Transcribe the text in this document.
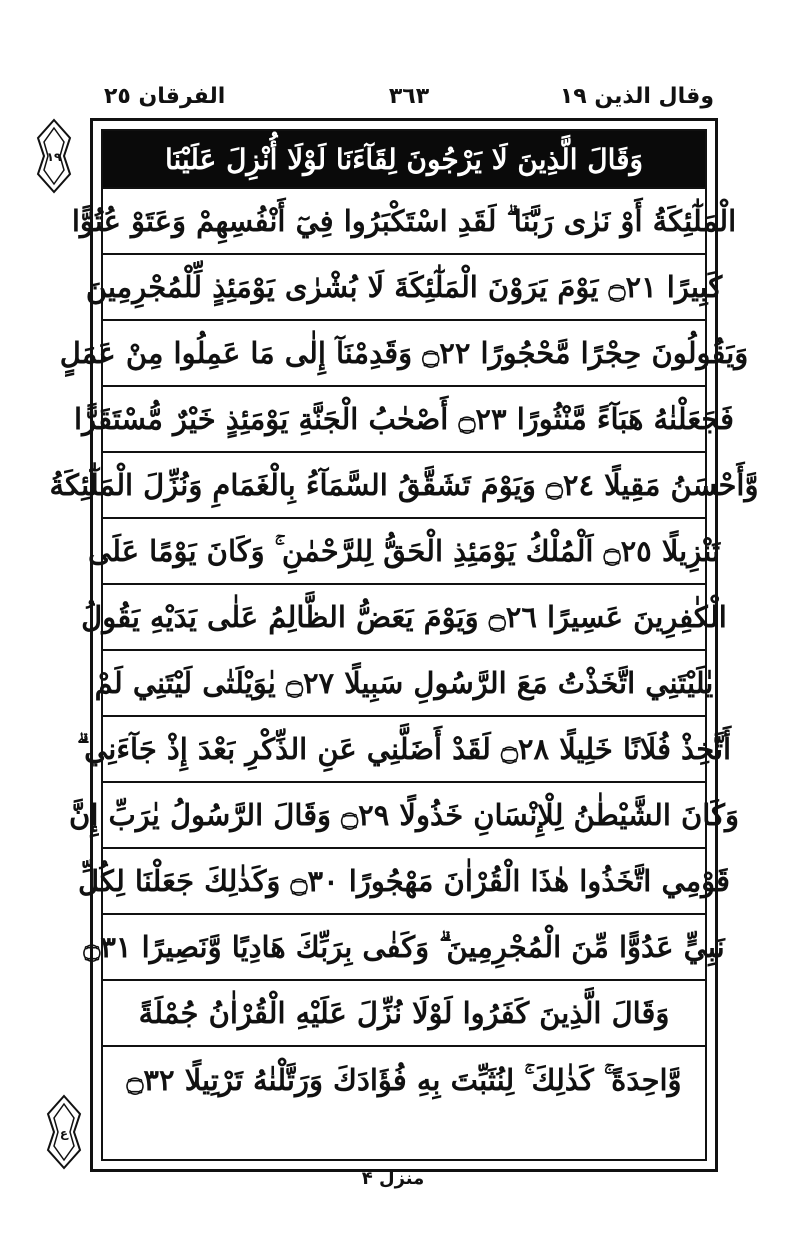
وقال الذين ١٩
٣٦٣
الفرقان ٢٥
١٩
ع
وَقَالَ الَّذِينَ لَا يَرْجُونَ لِقَآءَنَا لَوْلَا أُنْزِلَ عَلَيْنَا
الْمَلٰٓئِكَةُ أَوْ نَرٰى رَبَّنَا ۗ لَقَدِ اسْتَكْبَرُوا فِيٓ أَنْفُسِهِمْ وَعَتَوْ عُتُوًّا
كَبِيرًا ۝٢١ يَوْمَ يَرَوْنَ الْمَلٰٓئِكَةَ لَا بُشْرٰى يَوْمَئِذٍ لِّلْمُجْرِمِينَ
وَيَقُولُونَ حِجْرًا مَّحْجُورًا ۝٢٢ وَقَدِمْنَآ إِلٰى مَا عَمِلُوا مِنْ عَمَلٍ
فَجَعَلْنٰهُ هَبَآءً مَّنْثُورًا ۝٢٣ أَصْحٰبُ الْجَنَّةِ يَوْمَئِذٍ خَيْرٌ مُّسْتَقَرًّا
وَّأَحْسَنُ مَقِيلًا ۝٢٤ وَيَوْمَ تَشَقَّقُ السَّمَآءُ بِالْغَمَامِ وَنُزِّلَ الْمَلٰٓئِكَةُ
تَنْزِيلًا ۝٢٥ اَلْمُلْكُ يَوْمَئِذِ الْحَقُّ لِلرَّحْمٰنِ ۚ وَكَانَ يَوْمًا عَلَى
الْكٰفِرِينَ عَسِيرًا ۝٢٦ وَيَوْمَ يَعَضُّ الظَّالِمُ عَلٰى يَدَيْهِ يَقُولُ
يٰلَيْتَنِي اتَّخَذْتُ مَعَ الرَّسُولِ سَبِيلًا ۝٢٧ يٰوَيْلَتٰى لَيْتَنِي لَمْ
أَتَّخِذْ فُلَانًا خَلِيلًا ۝٢٨ لَقَدْ أَضَلَّنِي عَنِ الذِّكْرِ بَعْدَ إِذْ جَآءَنِي ۗ
وَكَانَ الشَّيْطٰنُ لِلْإِنْسَانِ خَذُولًا ۝٢٩ وَقَالَ الرَّسُولُ يٰرَبِّ إِنَّ
قَوْمِي اتَّخَذُوا هٰذَا الْقُرْاٰنَ مَهْجُورًا ۝٣٠ وَكَذٰلِكَ جَعَلْنَا لِكُلِّ
نَبِيٍّ عَدُوًّا مِّنَ الْمُجْرِمِينَ ۗ وَكَفٰى بِرَبِّكَ هَادِيًا وَّنَصِيرًا ۝٣١
وَقَالَ الَّذِينَ كَفَرُوا لَوْلَا نُزِّلَ عَلَيْهِ الْقُرْاٰنُ جُمْلَةً
وَّاحِدَةً ۚ كَذٰلِكَ ۚ لِنُثَبِّتَ بِهِ فُؤَادَكَ وَرَتَّلْنٰهُ تَرْتِيلًا ۝٣٢
منزل ۴
